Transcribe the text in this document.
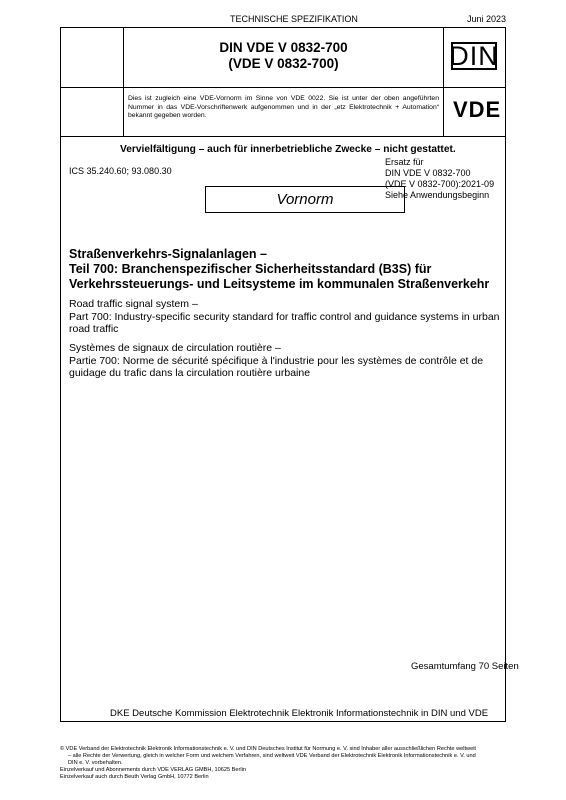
TECHNISCHE SPEZIFIKATION	Juni 2023
DIN VDE V 0832-700
(VDE V 0832-700)	DIN
Dies ist zugleich eine VDE-Vornorm im Sinne von VDE 0022. Sie ist unter der oben angeführten Nummer in das VDE-Vorschriftenwerk aufgenommen und in der „etz Elektrotechnik + Automation“ bekannt gegeben worden.	VDE
Vervielfältigung – auch für innerbetriebliche Zwecke – nicht gestattet.
ICS 35.240.60; 93.080.30
Ersatz für
DIN VDE V 0832-700
(VDE V 0832-700):2021-09
Siehe Anwendungsbeginn
Vornorm
Straßenverkehrs-Signalanlagen –
Teil 700: Branchenspezifischer Sicherheitsstandard (B3S) für
Verkehrssteuerungs- und Leitsysteme im kommunalen Straßenverkehr
Road traffic signal system –
Part 700: Industry-specific security standard for traffic control and guidance systems in urban
road traffic
Systèmes de signaux de circulation routière –
Partie 700: Norme de sécurité spécifique à l'industrie pour les systèmes de contrôle et de
guidage du trafic dans la circulation routière urbaine
Gesamtumfang 70 Seiten
DKE Deutsche Kommission Elektrotechnik Elektronik Informationstechnik in DIN und VDE
© VDE Verband der Elektrotechnik Elektronik Informationstechnik e. V. und DIN Deutsches Institut für Normung e. V. sind Inhaber aller ausschließlichen Rechte weltweit
– alle Rechte der Verwertung, gleich in welcher Form und welchem Verfahren, sind weltweit VDE Verband der Elektrotechnik Elektronik Informationstechnik e. V. und
DIN e. V. vorbehalten.
Einzelverkauf und Abonnements durch VDE VERLAG GMBH, 10625 Berlin
Einzelverkauf auch durch Beuth Verlag GmbH, 10772 Berlin
